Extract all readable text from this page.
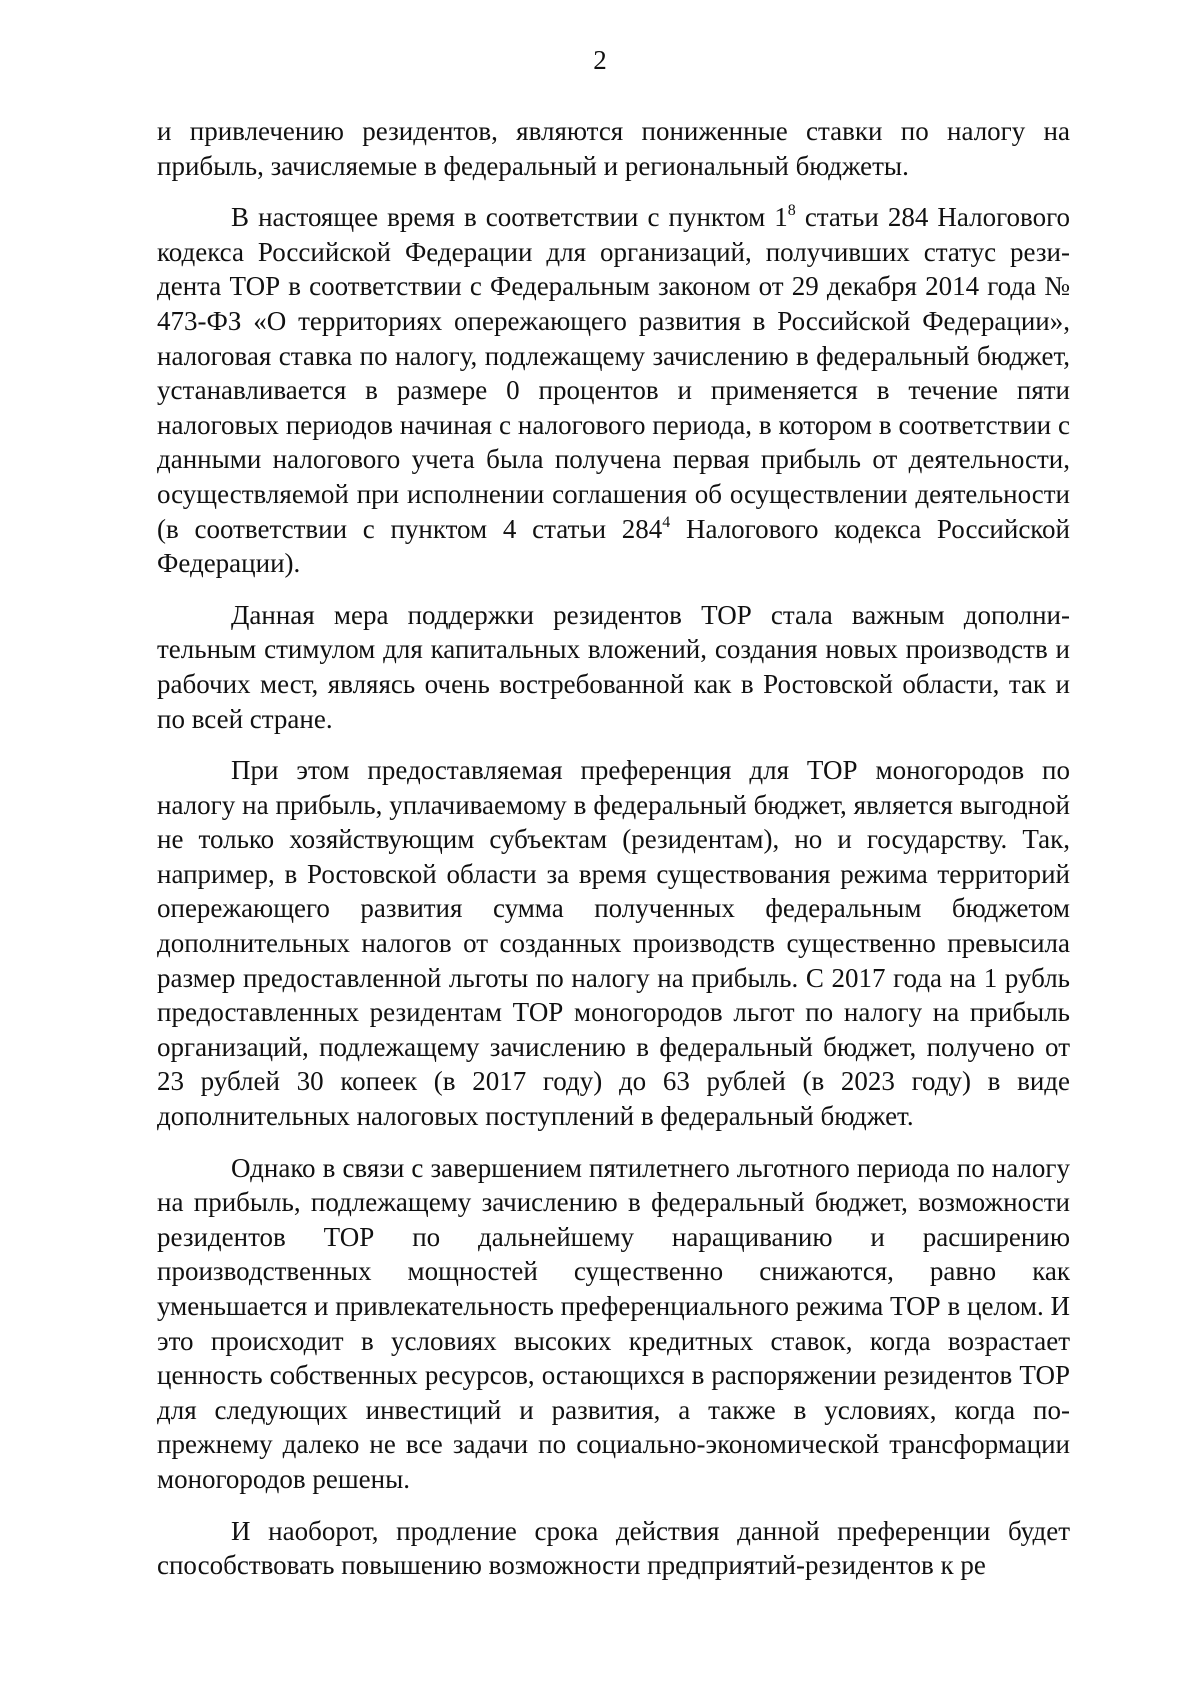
2

и привлечению резидентов, являются пониженные ставки по налогу на прибыль, зачисляемые в федеральный и региональный бюджеты.

В настоящее время в соответствии с пунктом $1^8$ статьи 284 Налогового кодекса Российской Федерации для организаций, получивших статус резидента ТОР в соответствии с Федеральным законом от 29 декабря 2014 года № 473-ФЗ «О территориях опережающего развития в Российской Федерации», налоговая ставка по налогу, подлежащему зачислению в федеральный бюджет, устанавливается в размере 0 процентов и применяется в течение пяти налоговых периодов начиная с налогового периода, в котором в соответствии с данными налогового учета была получена первая прибыль от деятельности, осуществляемой при исполнении соглашения об осуществлении деятельности (в соответствии с пунктом 4 статьи $284^4$ Налогового кодекса Российской Федерации).

Данная мера поддержки резидентов ТОР стала важным дополнительным стимулом для капитальных вложений, создания новых производств и рабочих мест, являясь очень востребованной как в Ростовской области, так и по всей стране.

При этом предоставляемая преференция для ТОР моногородов по налогу на прибыль, уплачиваемому в федеральный бюджет, является выгодной не только хозяйствующим субъектам (резидентам), но и государству. Так, например, в Ростовской области за время существования режима территорий опережающего развития сумма полученных федеральным бюджетом дополнительных налогов от созданных производств существенно превысила размер предоставленной льготы по налогу на прибыль. С 2017 года на 1 рубль предоставленных резидентам ТОР моногородов льгот по налогу на прибыль организаций, подлежащему зачислению в федеральный бюджет, получено от 23 рублей 30 копеек (в 2017 году) до 63 рублей (в 2023 году) в виде дополнительных налоговых поступлений в федеральный бюджет.

Однако в связи с завершением пятилетнего льготного периода по налогу на прибыль, подлежащему зачислению в федеральный бюджет, возможности резидентов ТОР по дальнейшему наращиванию и расширению производственных мощностей существенно снижаются, равно как уменьшается и привлекательность преференциального режима ТОР в целом. И это происходит в условиях высоких кредитных ставок, когда возрастает ценность собственных ресурсов, остающихся в распоряжении резидентов ТОР для следующих инвестиций и развития, а также в условиях, когда по-прежнему далеко не все задачи по социально-экономической трансформации моногородов решены.

И наоборот, продление срока действия данной преференции будет способствовать повышению возможности предприятий-резидентов к ре
